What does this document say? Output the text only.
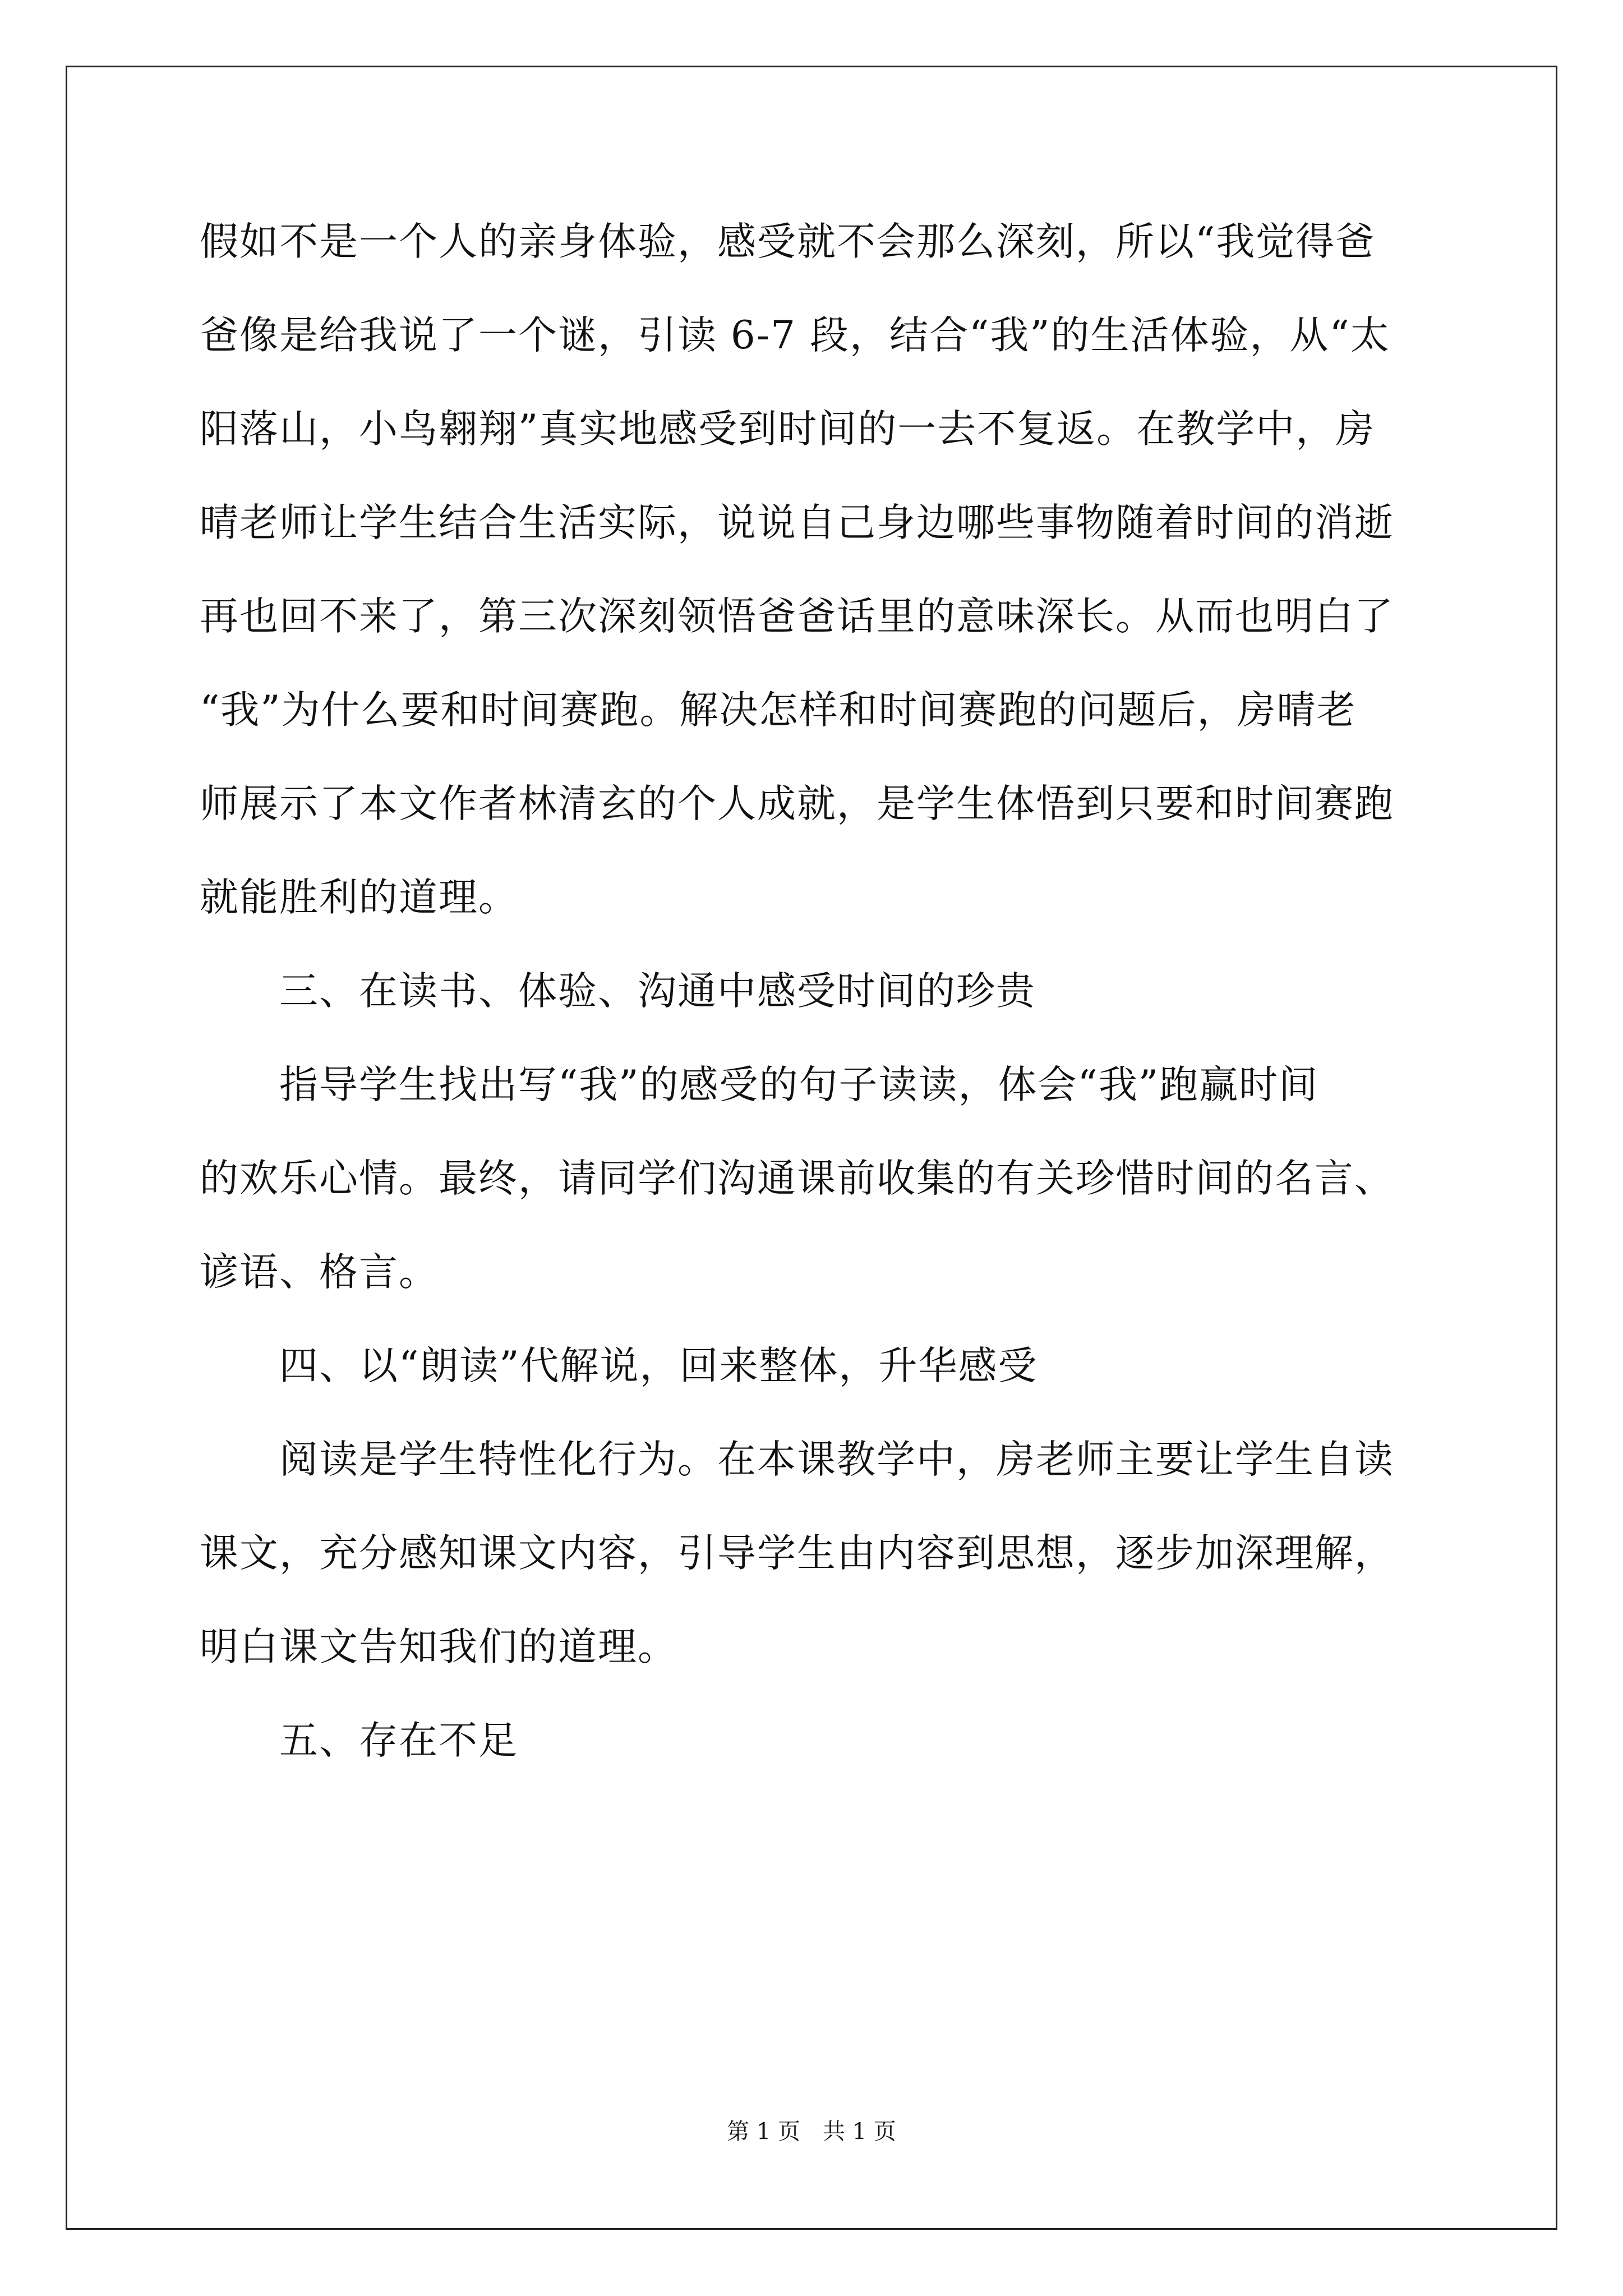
假如不是一个人的亲身体验，感受就不会那么深刻，所以“我觉得爸
爸像是给我说了一个谜，引读 6-7 段，结合“我”的生活体验，从“太
阳落山，小鸟翱翔”真实地感受到时间的一去不复返。在教学中，房
晴老师让学生结合生活实际，说说自己身边哪些事物随着时间的消逝
再也回不来了，第三次深刻领悟爸爸话里的意味深长。从而也明白了
“我”为什么要和时间赛跑。解决怎样和时间赛跑的问题后，房晴老
师展示了本文作者林清玄的个人成就，是学生体悟到只要和时间赛跑
就能胜利的道理。
　　三、在读书、体验、沟通中感受时间的珍贵
　　指导学生找出写“我”的感受的句子读读，体会“我”跑赢时间
的欢乐心情。最终，请同学们沟通课前收集的有关珍惜时间的名言、
谚语、格言。
　　四、以“朗读”代解说，回来整体，升华感受
　　阅读是学生特性化行为。在本课教学中，房老师主要让学生自读
课文，充分感知课文内容，引导学生由内容到思想，逐步加深理解，
明白课文告知我们的道理。
第 1 页　共 1 页
　　五、存在不足
